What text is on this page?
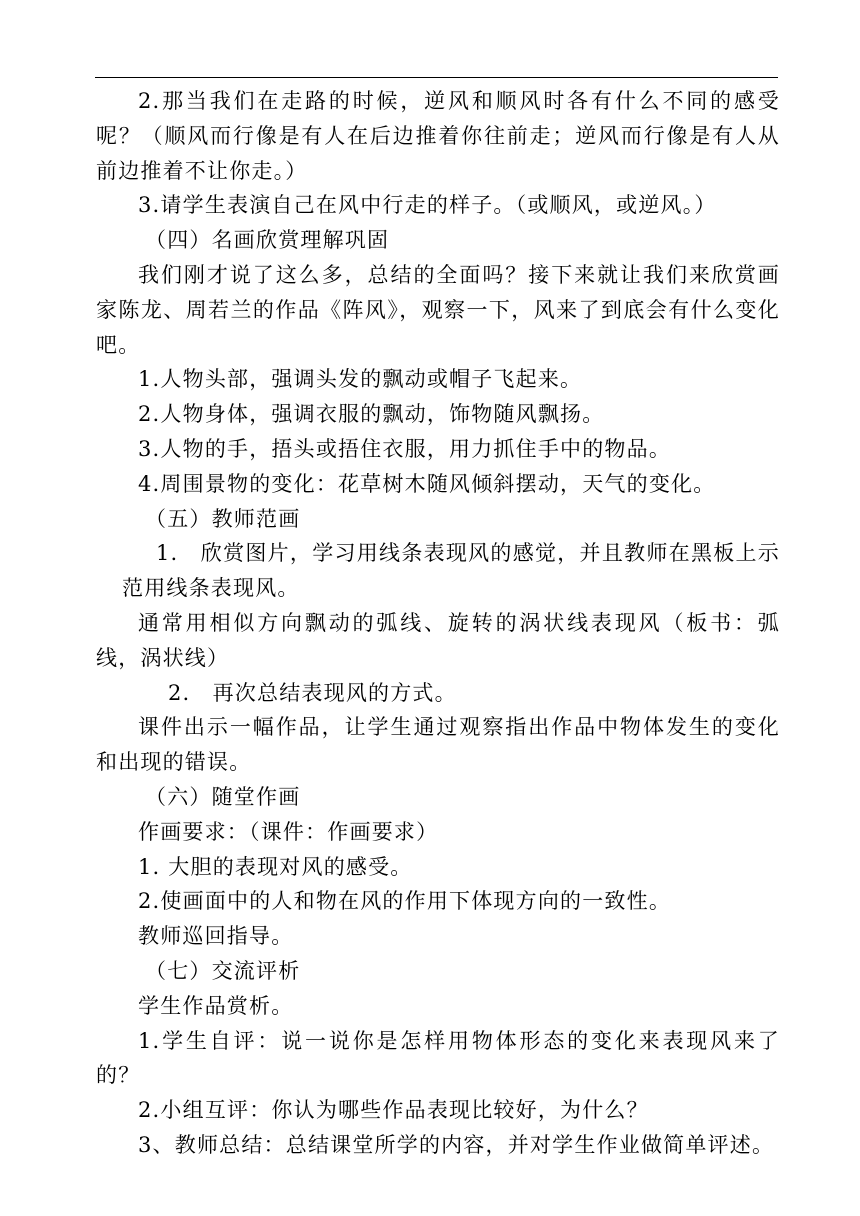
2.那当我们在走路的时候，逆风和顺风时各有什么不同的感受呢？（顺风而行像是有人在后边推着你往前走；逆风而行像是有人从前边推着不让你走。）

3.请学生表演自己在风中行走的样子。（或顺风，或逆风。）

（四）名画欣赏理解巩固

我们刚才说了这么多，总结的全面吗？接下来就让我们来欣赏画家陈龙、周若兰的作品《阵风》，观察一下，风来了到底会有什么变化吧。

1.人物头部，强调头发的飘动或帽子飞起来。

2.人物身体，强调衣服的飘动，饰物随风飘扬。

3.人物的手，捂头或捂住衣服，用力抓住手中的物品。

4.周围景物的变化：花草树木随风倾斜摆动，天气的变化。

（五）教师范画

1.　欣赏图片，学习用线条表现风的感觉，并且教师在黑板上示范用线条表现风。

通常用相似方向飘动的弧线、旋转的涡状线表现风（板书：弧线，涡状线）

2.　再次总结表现风的方式。

课件出示一幅作品，让学生通过观察指出作品中物体发生的变化和出现的错误。

（六）随堂作画

作画要求：（课件：作画要求）

1. 大胆的表现对风的感受。

2.使画面中的人和物在风的作用下体现方向的一致性。

教师巡回指导。

（七）交流评析

学生作品赏析。

1.学生自评：说一说你是怎样用物体形态的变化来表现风来了的？

2.小组互评：你认为哪些作品表现比较好，为什么？

3、教师总结：总结课堂所学的内容，并对学生作业做简单评述。
